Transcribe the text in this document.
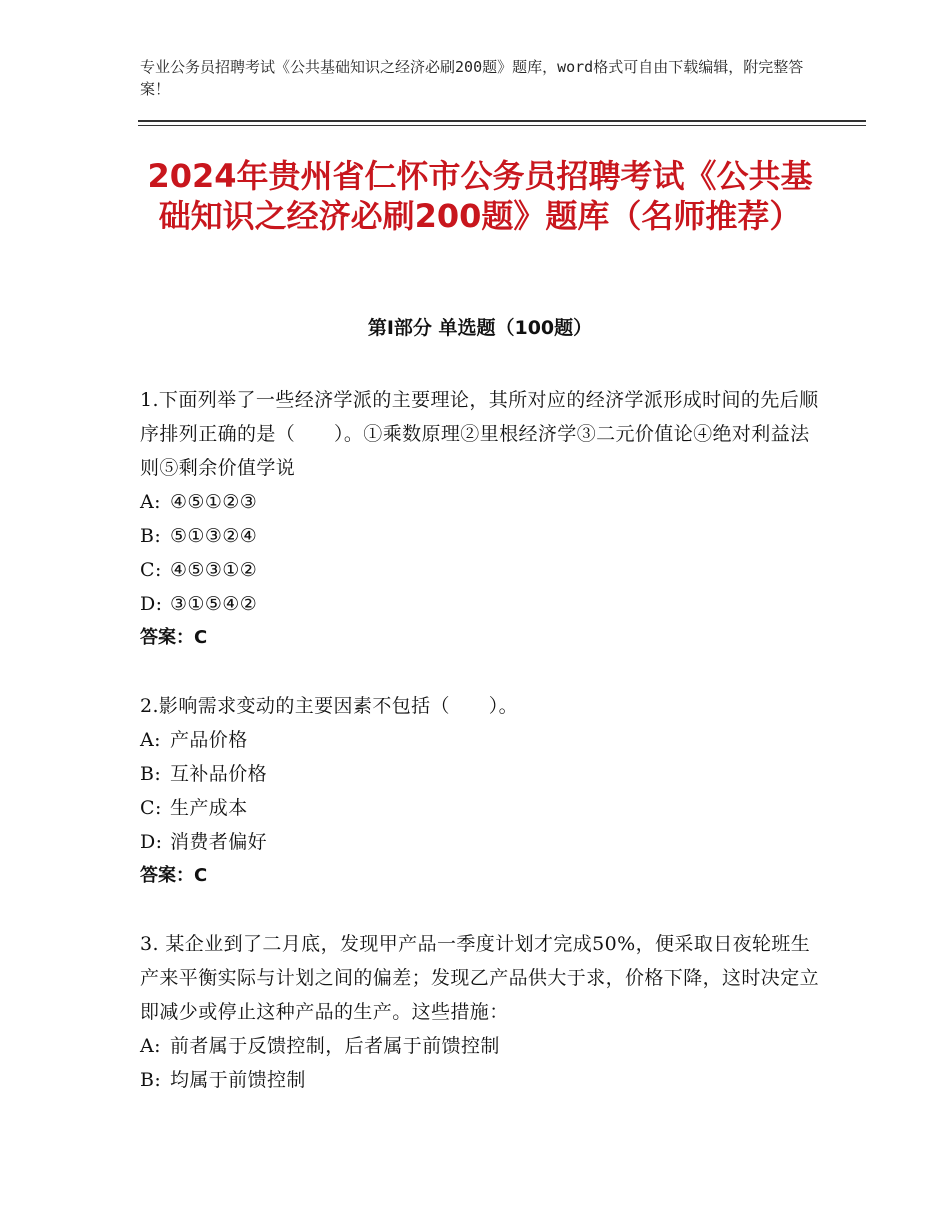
专业公务员招聘考试《公共基础知识之经济必刷200题》题库，word格式可自由下载编辑，附完整答案！
2024年贵州省仁怀市公务员招聘考试《公共基础知识之经济必刷200题》题库（名师推荐）
第Ⅰ部分 单选题（100题）
1.下面列举了一些经济学派的主要理论，其所对应的经济学派形成时间的先后顺序排列正确的是（　　）。①乘数原理②里根经济学③二元价值论④绝对利益法则⑤剩余价值学说
A: ④⑤①②③
B: ⑤①③②④
C: ④⑤③①②
D: ③①⑤④②
答案：C
2.影响需求变动的主要因素不包括（　　）。
A: 产品价格
B: 互补品价格
C: 生产成本
D: 消费者偏好
答案：C
3. 某企业到了二月底，发现甲产品一季度计划才完成50%，便采取日夜轮班生产来平衡实际与计划之间的偏差；发现乙产品供大于求，价格下降，这时决定立即减少或停止这种产品的生产。这些措施：
A: 前者属于反馈控制，后者属于前馈控制
B: 均属于前馈控制
